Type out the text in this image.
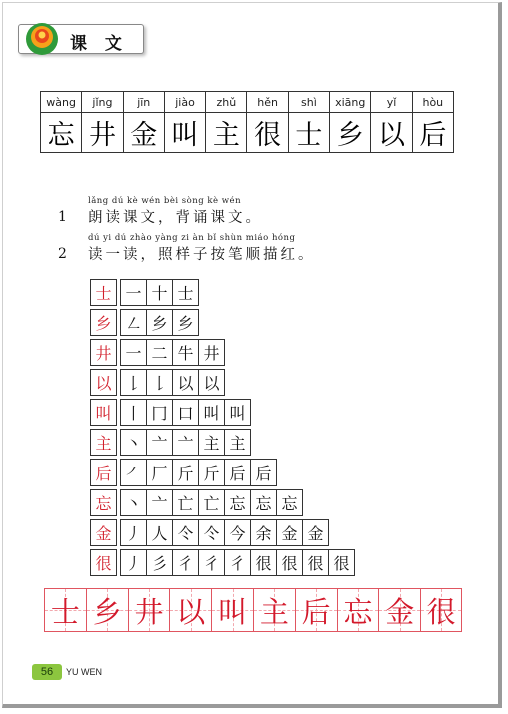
课 文
wàng
忘
jǐng
井
jīn
金
jiào
叫
zhǔ
主
hěn
很
shì
士
xiāng
乡
yǐ
以
hòu
后
1
lǎng dú kè wén bèi sòng kè wén
朗读课文，背诵课文。
2
dú yi dú zhào yàng zi àn bǐ shùn miáo hóng
读一读，照样子按笔顺描红。
士 一 十 士
乡 ㇜ 乡 乡
井 一 二 牛 井
以 𠄌 𠄌 以 以
叫 丨 冂 口 叫 叫
主 丶 亠 亠 主 主
后 ㇒ 厂 斤 斤 后 后
忘 丶 亠 亡 亡 忘 忘 忘
金 丿 人 仒 仒 今 余 金 金
很 丿 彡 彳 彳 彳 很 很 很 很
士 乡 井 以 叫 主 后 忘 金 很
56	YU WEN
